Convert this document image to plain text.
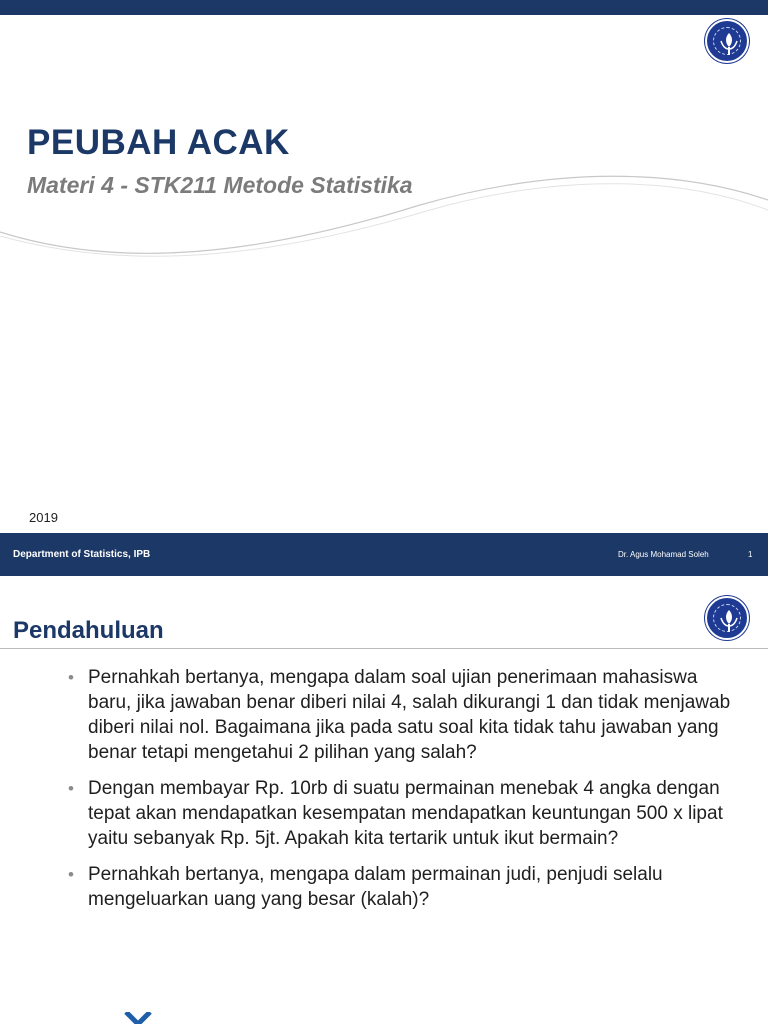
PEUBAH ACAK
Materi 4 - STK211 Metode Statistika
2019
Department of Statistics, IPB	Dr. Agus Mohamad Soleh	1
Pendahuluan
• Pernahkah bertanya, mengapa dalam soal ujian penerimaan mahasiswa baru, jika jawaban benar diberi nilai 4, salah dikurangi 1 dan tidak menjawab diberi nilai nol. Bagaimana jika pada satu soal kita tidak tahu jawaban yang benar tetapi mengetahui 2 pilihan yang salah?
• Dengan membayar Rp. 10rb di suatu permainan menebak 4 angka dengan tepat akan mendapatkan kesempatan mendapatkan keuntungan 500 x lipat yaitu sebanyak Rp. 5jt. Apakah kita tertarik untuk ikut bermain?
• Pernahkah bertanya, mengapa dalam permainan judi, penjudi selalu mengeluarkan uang yang besar (kalah)?
